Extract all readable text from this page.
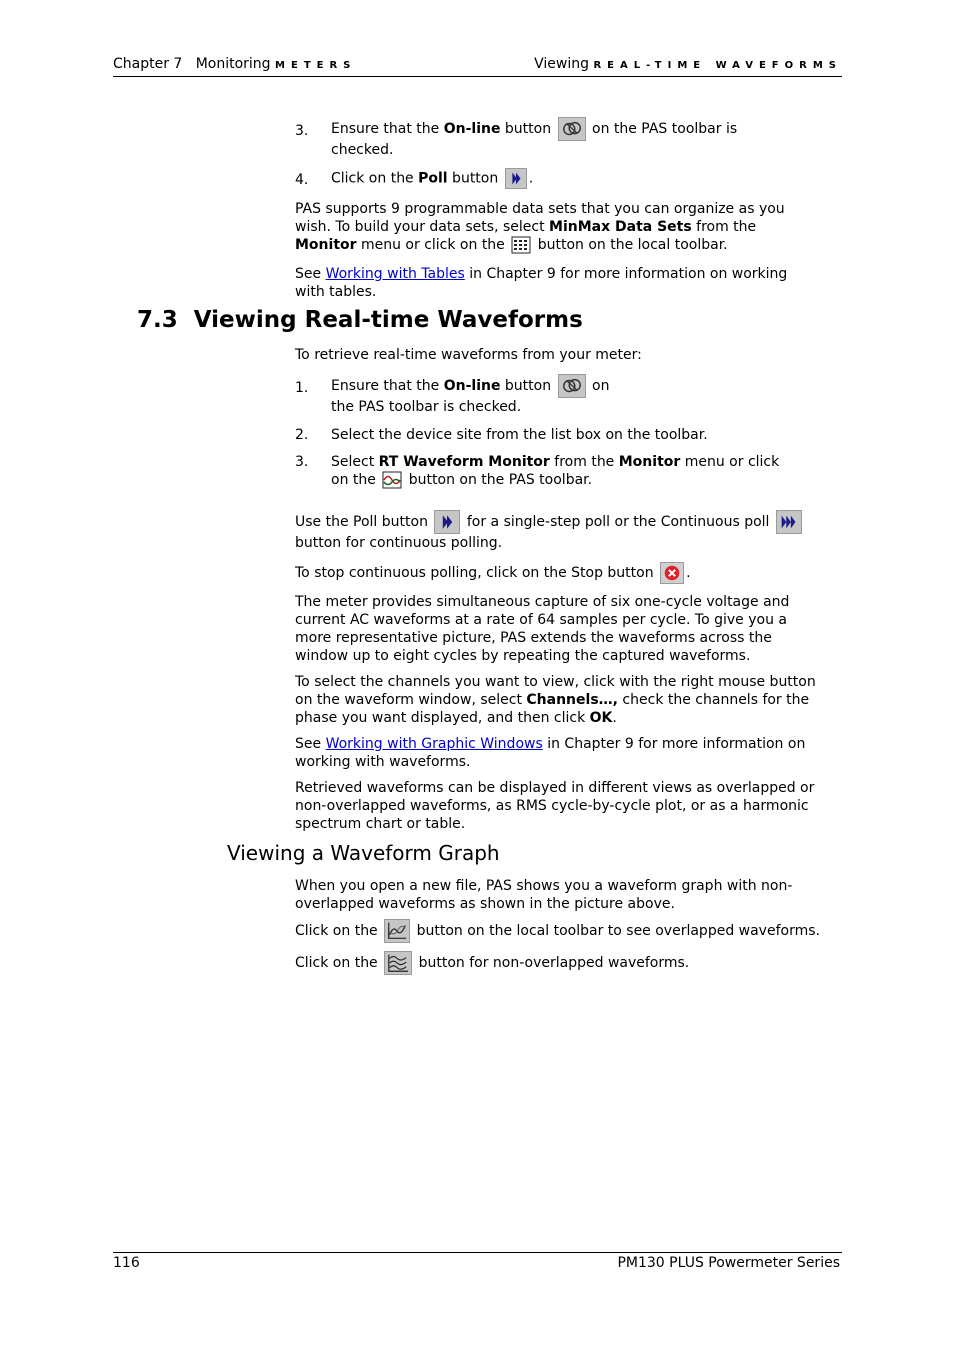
Chapter 7 Monitoring METERS	Viewing REAL-TIME WAVEFORMS
3. Ensure that the On-line button
on the PAS toolbar is
checked.
4. Click on the Poll button
.
PAS supports 9 programmable data sets that you can organize as you
wish. To build your data sets, select MinMax Data Sets from the
Monitor menu or click on the
button on the local toolbar.
See Working with Tables in Chapter 9 for more information on working
with tables.
7.3  Viewing Real-time Waveforms
To retrieve real-time waveforms from your meter:
1. Ensure that the On-line button
on
the PAS toolbar is checked.
2. Select the device site from the list box on the toolbar.
3. Select RT Waveform Monitor from the Monitor menu or click
on the
button on the PAS toolbar.
Use the Poll button
for a single-step poll or the Continuous poll

button for continuous polling.
To stop continuous polling, click on the Stop button
.
The meter provides simultaneous capture of six one-cycle voltage and
current AC waveforms at a rate of 64 samples per cycle. To give you a
more representative picture, PAS extends the waveforms across the
window up to eight cycles by repeating the captured waveforms.
To select the channels you want to view, click with the right mouse button
on the waveform window, select Channels…, check the channels for the
phase you want displayed, and then click OK.
See Working with Graphic Windows in Chapter 9 for more information on
working with waveforms.
Retrieved waveforms can be displayed in different views as overlapped or
non-overlapped waveforms, as RMS cycle-by-cycle plot, or as a harmonic
spectrum chart or table.
Viewing a Waveform Graph
When you open a new file, PAS shows you a waveform graph with non-
overlapped waveforms as shown in the picture above.
Click on the
button on the local toolbar to see overlapped waveforms.
Click on the
button for non-overlapped waveforms.
116	PM130 PLUS Powermeter Series
